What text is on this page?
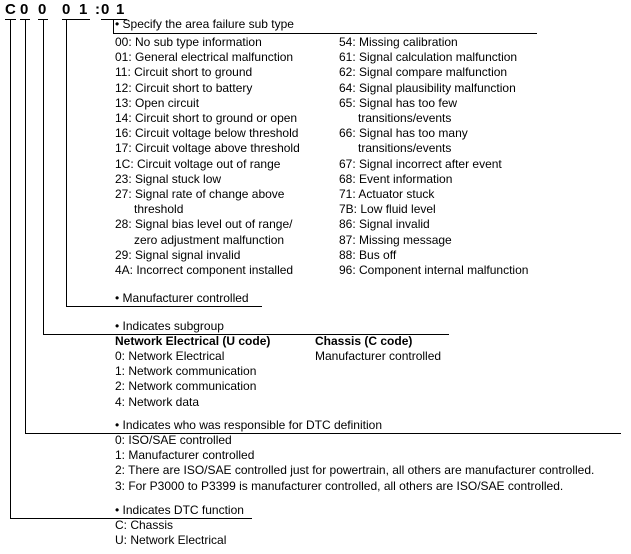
C 0 0 0 1 : 0 1
• Specify the area failure sub type
00: No sub type information
01: General electrical malfunction
11: Circuit short to ground
12: Circuit short to battery
13: Open circuit
14: Circuit short to ground or open
16: Circuit voltage below threshold
17: Circuit voltage above threshold
1C: Circuit voltage out of range
23: Signal stuck low
27: Signal rate of change above
threshold
28: Signal bias level out of range/
zero adjustment malfunction
29: Signal signal invalid
4A: Incorrect component installed
54: Missing calibration
61: Signal calculation malfunction
62: Signal compare malfunction
64: Signal plausibility malfunction
65: Signal has too few
transitions/events
66: Signal has too many
transitions/events
67: Signal incorrect after event
68: Event information
71: Actuator stuck
7B: Low fluid level
86: Signal invalid
87: Missing message
88: Bus off
96: Component internal malfunction
• Manufacturer controlled
• Indicates subgroup
Network Electrical (U code)
0: Network Electrical
1: Network communication
2: Network communication
4: Network data
Chassis (C code)
Manufacturer controlled
• Indicates who was responsible for DTC definition
0: ISO/SAE controlled
1: Manufacturer controlled
2: There are ISO/SAE controlled just for powertrain, all others are manufacturer controlled.
3: For P3000 to P3399 is manufacturer controlled, all others are ISO/SAE controlled.
• Indicates DTC function
C: Chassis
U: Network Electrical
